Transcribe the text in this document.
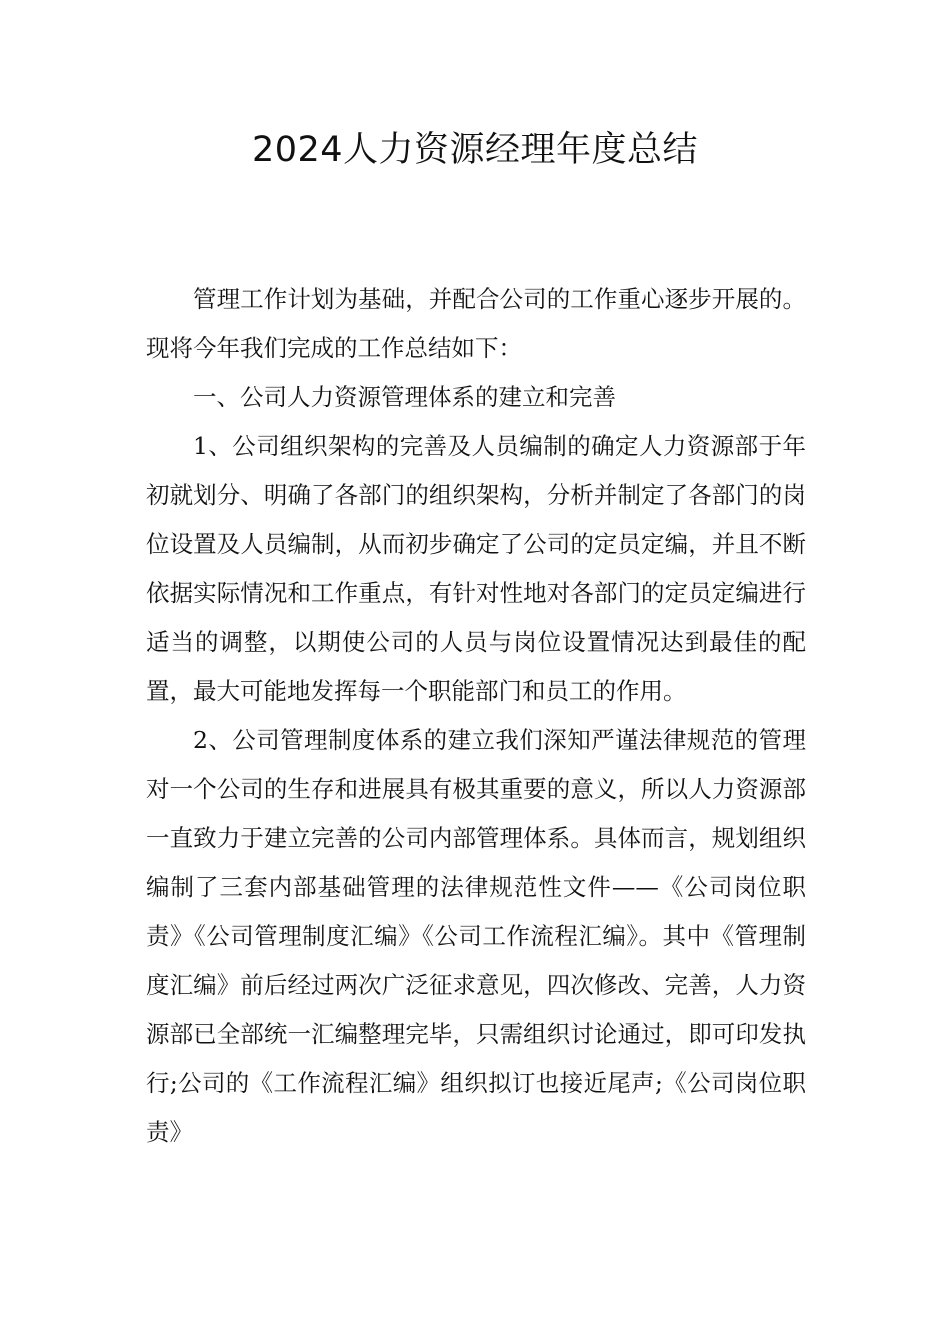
2024人力资源经理年度总结

管理工作计划为基础，并配合公司的工作重心逐步开展的。现将今年我们完成的工作总结如下：

一、公司人力资源管理体系的建立和完善

1、公司组织架构的完善及人员编制的确定人力资源部于年初就划分、明确了各部门的组织架构，分析并制定了各部门的岗位设置及人员编制，从而初步确定了公司的定员定编，并且不断依据实际情况和工作重点，有针对性地对各部门的定员定编进行适当的调整，以期使公司的人员与岗位设置情况达到最佳的配置，最大可能地发挥每一个职能部门和员工的作用。

2、公司管理制度体系的建立我们深知严谨法律规范的管理对一个公司的生存和进展具有极其重要的意义，所以人力资源部一直致力于建立完善的公司内部管理体系。具体而言，规划组织编制了三套内部基础管理的法律规范性文件——《公司岗位职责》《公司管理制度汇编》《公司工作流程汇编》。其中《管理制度汇编》前后经过两次广泛征求意见，四次修改、完善，人力资源部已全部统一汇编整理完毕，只需组织讨论通过，即可印发执行;公司的《工作流程汇编》组织拟订也接近尾声;《公司岗位职责》
